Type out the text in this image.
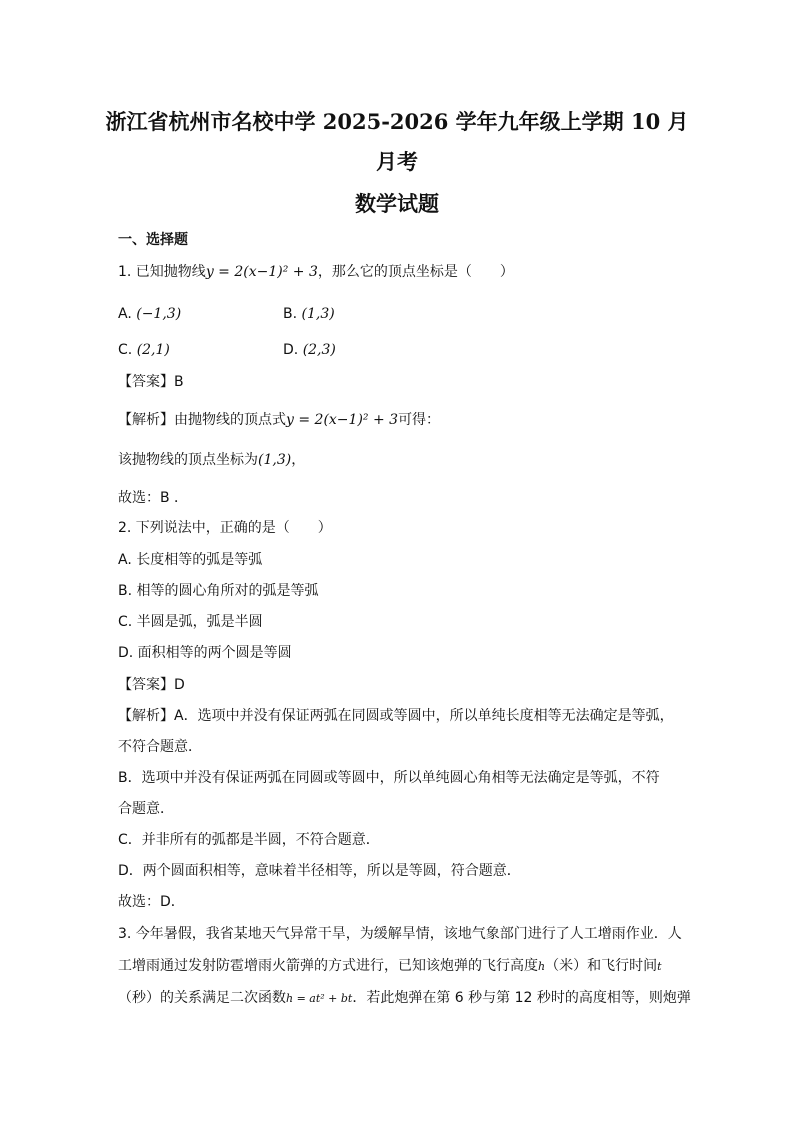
浙江省杭州市名校中学 2025-2026 学年九年级上学期 10 月
月考
数学试题
一、选择题
1. 已知抛物线y = 2(x−1)² + 3，那么它的顶点坐标是（　　）
A. (−1,3)	B. (1,3)
C. (2,1)	D. (2,3)
【答案】B
【解析】由抛物线的顶点式y = 2(x−1)² + 3可得：
该抛物线的顶点坐标为(1,3)，
故选：B ．
2. 下列说法中，正确的是（　　）
A. 长度相等的弧是等弧
B. 相等的圆心角所对的弧是等弧
C. 半圆是弧，弧是半圆
D. 面积相等的两个圆是等圆
【答案】D
【解析】A．选项中并没有保证两弧在同圆或等圆中，所以单纯长度相等无法确定是等弧，
不符合题意．
B．选项中并没有保证两弧在同圆或等圆中，所以单纯圆心角相等无法确定是等弧，不符
合题意．
C．并非所有的弧都是半圆，不符合题意．
D．两个圆面积相等，意味着半径相等，所以是等圆，符合题意．
故选：D．
3. 今年暑假，我省某地天气异常干旱，为缓解旱情，该地气象部门进行了人工增雨作业．人
工增雨通过发射防雹增雨火箭弹的方式进行，已知该炮弹的飞行高度h（米）和飞行时间t
（秒）的关系满足二次函数h = at² + bt．若此炮弹在第 6 秒与第 12 秒时的高度相等，则炮弹
